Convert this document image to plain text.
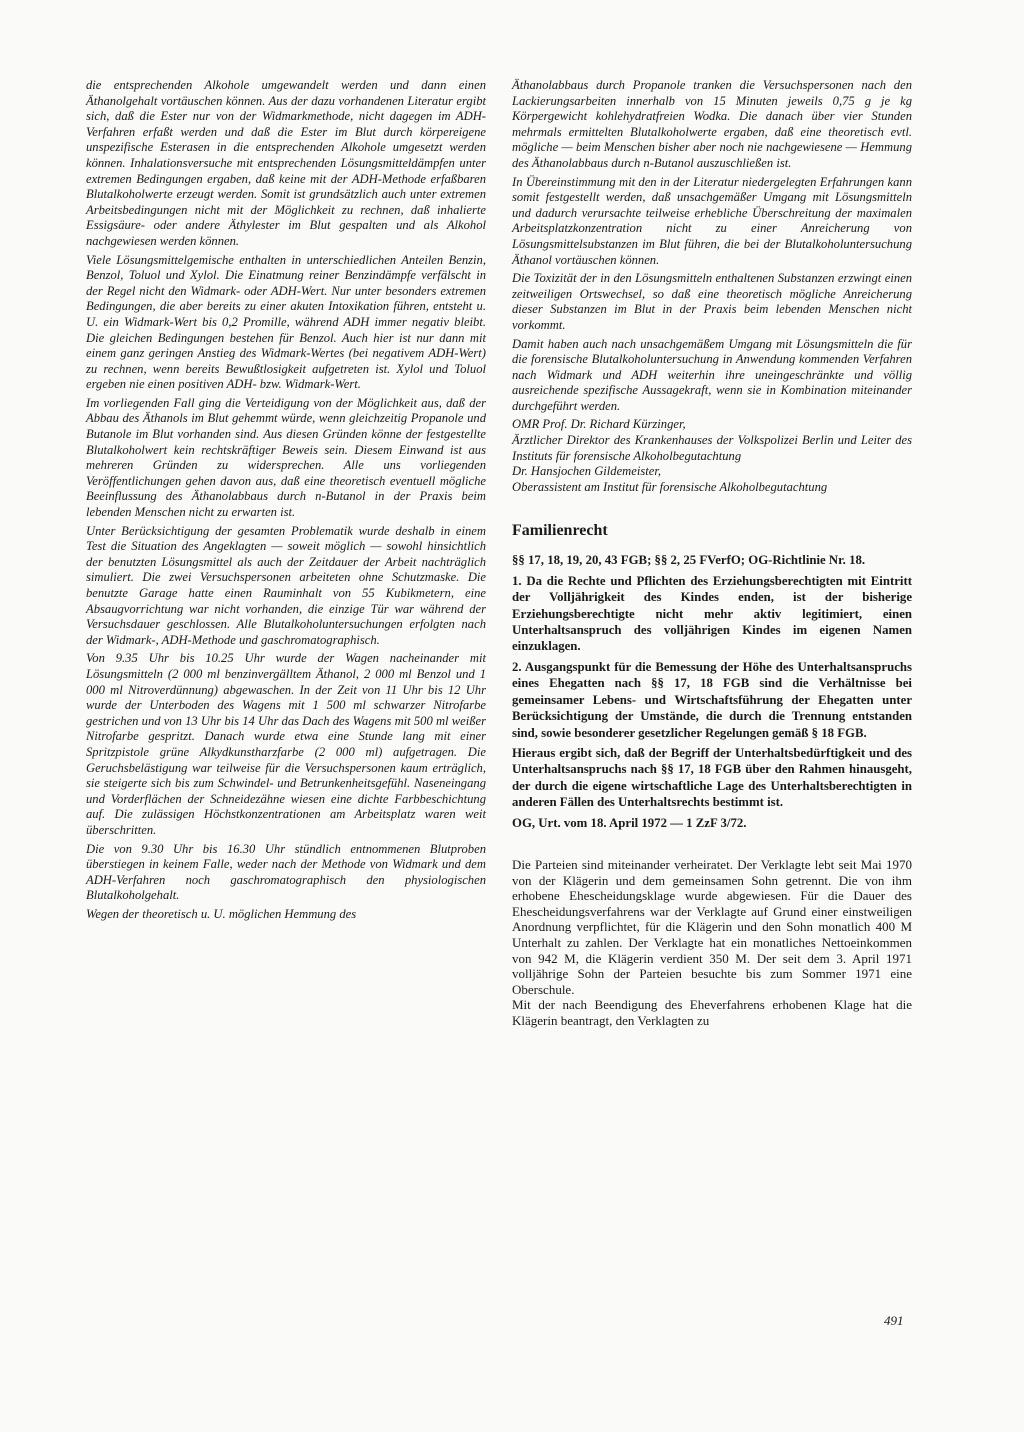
die entsprechenden Alkohole umgewandelt werden und dann einen Äthanolgehalt vortäuschen können. Aus der dazu vorhandenen Literatur ergibt sich, daß die Ester nur von der Widmarkmethode, nicht dagegen im ADH-Verfahren erfaßt werden und daß die Ester im Blut durch körpereigene unspezifische Esterasen in die entsprechenden Alkohole umgesetzt werden können. Inhalationsversuche mit entsprechenden Lösungsmitteldämpfen unter extremen Bedingungen ergaben, daß keine mit der ADH-Methode erfaßbaren Blutalkoholwerte erzeugt werden. Somit ist grundsätzlich auch unter extremen Arbeitsbedingungen nicht mit der Möglichkeit zu rechnen, daß inhalierte Essigsäure- oder andere Äthylester im Blut gespalten und als Alkohol nachgewiesen werden können.

Viele Lösungsmittelgemische enthalten in unterschiedlichen Anteilen Benzin, Benzol, Toluol und Xylol. Die Einatmung reiner Benzindämpfe verfälscht in der Regel nicht den Widmark- oder ADH-Wert. Nur unter besonders extremen Bedingungen, die aber bereits zu einer akuten Intoxikation führen, entsteht u. U. ein Widmark-Wert bis 0,2 Promille, während ADH immer negativ bleibt. Die gleichen Bedingungen bestehen für Benzol. Auch hier ist nur dann mit einem ganz geringen Anstieg des Widmark-Wertes (bei negativem ADH-Wert) zu rechnen, wenn bereits Bewußtlosigkeit aufgetreten ist. Xylol und Toluol ergeben nie einen positiven ADH- bzw. Widmark-Wert.

Im vorliegenden Fall ging die Verteidigung von der Möglichkeit aus, daß der Abbau des Äthanols im Blut gehemmt würde, wenn gleichzeitig Propanole und Butanole im Blut vorhanden sind. Aus diesen Gründen könne der festgestellte Blutalkoholwert kein rechtskräftiger Beweis sein. Diesem Einwand ist aus mehreren Gründen zu widersprechen. Alle uns vorliegenden Veröffentlichungen gehen davon aus, daß eine theoretisch eventuell mögliche Beeinflussung des Äthanolabbaus durch n-Butanol in der Praxis beim lebenden Menschen nicht zu erwarten ist.

Unter Berücksichtigung der gesamten Problematik wurde deshalb in einem Test die Situation des Angeklagten — soweit möglich — sowohl hinsichtlich der benutzten Lösungsmittel als auch der Zeitdauer der Arbeit nachträglich simuliert. Die zwei Versuchspersonen arbeiteten ohne Schutzmaske. Die benutzte Garage hatte einen Rauminhalt von 55 Kubikmetern, eine Absaugvorrichtung war nicht vorhanden, die einzige Tür war während der Versuchsdauer geschlossen. Alle Blutalkoholuntersuchungen erfolgten nach der Widmark-, ADH-Methode und gaschromatographisch.

Von 9.35 Uhr bis 10.25 Uhr wurde der Wagen nacheinander mit Lösungsmitteln (2 000 ml benzinvergälltem Äthanol, 2 000 ml Benzol und 1 000 ml Nitroverdünnung) abgewaschen. In der Zeit von 11 Uhr bis 12 Uhr wurde der Unterboden des Wagens mit 1 500 ml schwarzer Nitrofarbe gestrichen und von 13 Uhr bis 14 Uhr das Dach des Wagens mit 500 ml weißer Nitrofarbe gespritzt. Danach wurde etwa eine Stunde lang mit einer Spritzpistole grüne Alkydkunstharzfarbe (2 000 ml) aufgetragen. Die Geruchsbelästigung war teilweise für die Versuchspersonen kaum erträglich, sie steigerte sich bis zum Schwindel- und Betrunkenheitsgefühl. Naseneingang und Vorderflächen der Schneidezähne wiesen eine dichte Farbbeschichtung auf. Die zulässigen Höchstkonzentrationen am Arbeitsplatz waren weit überschritten.

Die von 9.30 Uhr bis 16.30 Uhr stündlich entnommenen Blutproben überstiegen in keinem Falle, weder nach der Methode von Widmark und dem ADH-Verfahren noch gaschromatographisch den physiologischen Blutalkoholgehalt.

Wegen der theoretisch u. U. möglichen Hemmung des

Äthanolabbaus durch Propanole tranken die Versuchspersonen nach den Lackierungsarbeiten innerhalb von 15 Minuten jeweils 0,75 g je kg Körpergewicht kohlehydratfreien Wodka. Die danach über vier Stunden mehrmals ermittelten Blutalkoholwerte ergaben, daß eine theoretisch evtl. mögliche — beim Menschen bisher aber noch nie nachgewiesene — Hemmung des Äthanolabbaus durch n-Butanol auszuschließen ist.

In Übereinstimmung mit den in der Literatur niedergelegten Erfahrungen kann somit festgestellt werden, daß unsachgemäßer Umgang mit Lösungsmitteln und dadurch verursachte teilweise erhebliche Überschreitung der maximalen Arbeitsplatzkonzentration nicht zu einer Anreicherung von Lösungsmittelsubstanzen im Blut führen, die bei der Blutalkoholuntersuchung Äthanol vortäuschen können.

Die Toxizität der in den Lösungsmitteln enthaltenen Substanzen erzwingt einen zeitweiligen Ortswechsel, so daß eine theoretisch mögliche Anreicherung dieser Substanzen im Blut in der Praxis beim lebenden Menschen nicht vorkommt.

Damit haben auch nach unsachgemäßem Umgang mit Lösungsmitteln die für die forensische Blutalkoholuntersuchung in Anwendung kommenden Verfahren nach Widmark und ADH weiterhin ihre uneingeschränkte und völlig ausreichende spezifische Aussagekraft, wenn sie in Kombination miteinander durchgeführt werden.

OMR Prof. Dr. Richard Kürzinger,

Ärztlicher Direktor des Krankenhauses der Volkspolizei Berlin und Leiter des Instituts für forensische Alkoholbegutachtung

Dr. Hansjochen Gildemeister,

Oberassistent am Institut für forensische Alkoholbegutachtung

Familienrecht

§§ 17, 18, 19, 20, 43 FGB; §§ 2, 25 FVerfO; OG-Richtlinie Nr. 18.

1. Da die Rechte und Pflichten des Erziehungsberechtigten mit Eintritt der Volljährigkeit des Kindes enden, ist der bisherige Erziehungsberechtigte nicht mehr aktiv legitimiert, einen Unterhaltsanspruch des volljährigen Kindes im eigenen Namen einzuklagen.

2. Ausgangspunkt für die Bemessung der Höhe des Unterhaltsanspruchs eines Ehegatten nach §§ 17, 18 FGB sind die Verhältnisse bei gemeinsamer Lebens- und Wirtschaftsführung der Ehegatten unter Berücksichtigung der Umstände, die durch die Trennung entstanden sind, sowie besonderer gesetzlicher Regelungen gemäß § 18 FGB.

Hieraus ergibt sich, daß der Begriff der Unterhaltsbedürftigkeit und des Unterhaltsanspruchs nach §§ 17, 18 FGB über den Rahmen hinausgeht, der durch die eigene wirtschaftliche Lage des Unterhaltsberechtigten in anderen Fällen des Unterhaltsrechts bestimmt ist.

OG, Urt. vom 18. April 1972 — 1 ZzF 3/72.

Die Parteien sind miteinander verheiratet. Der Verklagte lebt seit Mai 1970 von der Klägerin und dem gemeinsamen Sohn getrennt. Die von ihm erhobene Ehescheidungsklage wurde abgewiesen. Für die Dauer des Ehescheidungsverfahrens war der Verklagte auf Grund einer einstweiligen Anordnung verpflichtet, für die Klägerin und den Sohn monatlich 400 M Unterhalt zu zahlen. Der Verklagte hat ein monatliches Nettoeinkommen von 942 M, die Klägerin verdient 350 M. Der seit dem 3. April 1971 volljährige Sohn der Parteien besuchte bis zum Sommer 1971 eine Oberschule.

Mit der nach Beendigung des Eheverfahrens erhobenen Klage hat die Klägerin beantragt, den Verklagten zu

491
